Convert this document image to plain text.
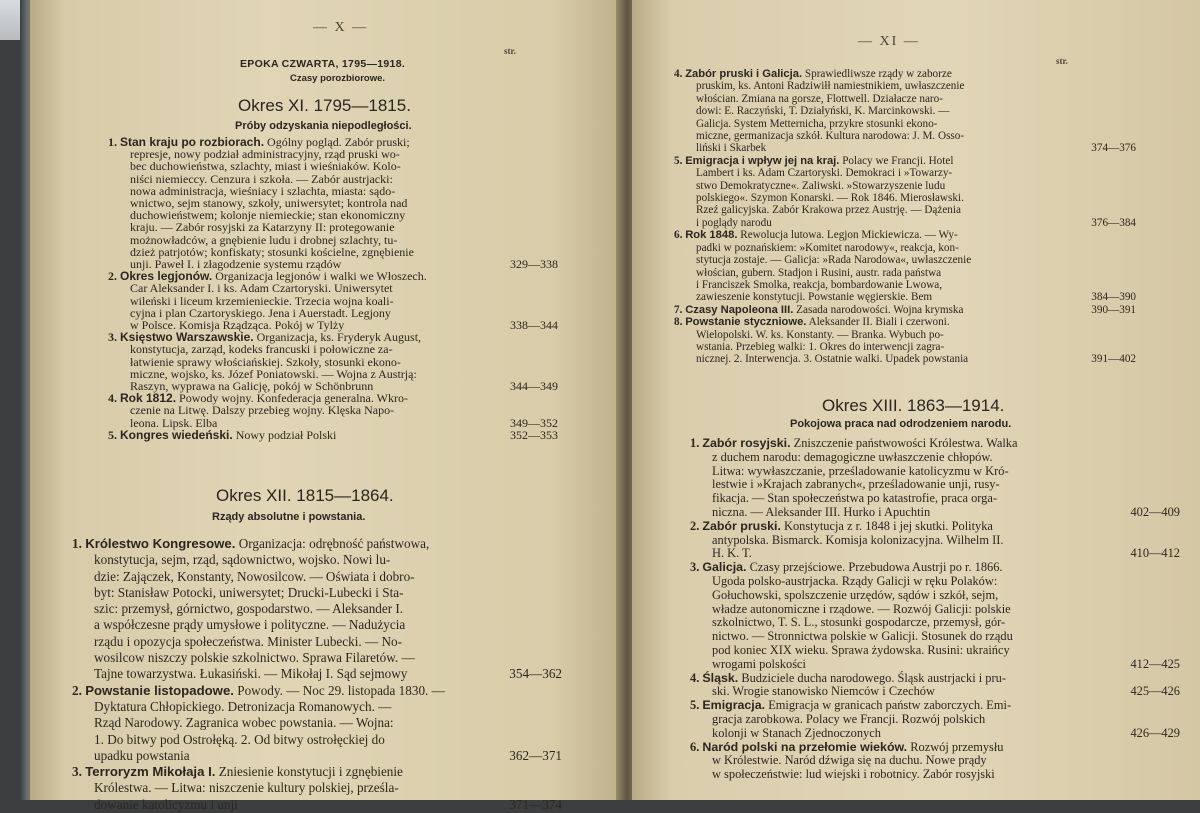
— X —
str.
EPOKA CZWARTA, 1795—1918.
Czasy porozbiorowe.
Okres XI. 1795—1815.
Próby odzyskania niepodległości.
1. Stan kraju po rozbiorach. Ogólny pogląd. Zabór pruski;
represje, nowy podział administracyjny, rząd pruski wo-
bec duchowieństwa, szlachty, miast i wieśniaków. Kolo-
niści niemieccy. Cenzura i szkoła. — Zabór austrjacki:
nowa administracja, wieśniacy i szlachta, miasta: sądo-
wnictwo, sejm stanowy, szkoły, uniwersytet; kontrola nad
duchowieństwem; kolonje niemieckie; stan ekonomiczny
kraju. — Zabór rosyjski za Katarzyny II: protegowanie
możnowładców, a gnębienie ludu i drobnej szlachty, tu-
dzież patrjotów; konfiskaty; stosunki kościelne, zgnębienie
unji. Paweł I. i złagodzenie systemu rządów	329—338
2. Okres legjonów. Organizacja legjonów i walki we Włoszech.
Car Aleksander I. i ks. Adam Czartoryski. Uniwersytet
wileński i liceum krzemienieckie. Trzecia wojna koali-
cyjna i plan Czartoryskiego. Jena i Auerstadt. Legjony
w Polsce. Komisja Rządząca. Pokój w Tylży	338—344
3. Księstwo Warszawskie. Organizacja, ks. Fryderyk August,
konstytucja, zarząd, kodeks francuski i połowiczne za-
łatwienie sprawy włościańskiej. Szkoły, stosunki ekono-
miczne, wojsko, ks. Józef Poniatowski. — Wojna z Austrją:
Raszyn, wyprawa na Galicję, pokój w Schönbrunn	344—349
4. Rok 1812. Powody wojny. Konfederacja generalna. Wkro-
czenie na Litwę. Dalszy przebieg wojny. Klęska Napo-
leona. Lipsk. Elba	349—352
5. Kongres wiedeński. Nowy podział Polski	352—353
Okres XII. 1815—1864.
Rządy absolutne i powstania.
1. Królestwo Kongresowe. Organizacja: odrębność państwowa,
konstytucja, sejm, rząd, sądownictwo, wojsko. Nowi lu-
dzie: Zajączek, Konstanty, Nowosilcow. — Oświata i dobro-
byt: Stanisław Potocki, uniwersytet; Drucki-Lubecki i Sta-
szic: przemysł, górnictwo, gospodarstwo. — Aleksander I.
a współczesne prądy umysłowe i polityczne. — Nadużycia
rządu i opozycja społeczeństwa. Minister Lubecki. — No-
wosilcow niszczy polskie szkolnictwo. Sprawa Filaretów. —
Tajne towarzystwa. Łukasiński. — Mikołaj I. Sąd sejmowy	354—362
2. Powstanie listopadowe. Powody. — Noc 29. listopada 1830. —
Dyktatura Chłopickiego. Detronizacja Romanowych. —
Rząd Narodowy. Zagranica wobec powstania. — Wojna:
1. Do bitwy pod Ostrołęką. 2. Od bitwy ostrołęckiej do
upadku powstania	362—371
3. Terroryzm Mikołaja I. Zniesienie konstytucji i zgnębienie
Królestwa. — Litwa: niszczenie kultury polskiej, prześla-
dowanie katolicyzmu i unji	371—374
— XI —
str.
4. Zabór pruski i Galicja. Sprawiedliwsze rządy w zaborze
pruskim, ks. Antoni Radziwiłł namiestnikiem, uwłaszczenie
włościan. Zmiana na gorsze, Flottwell. Działacze naro-
dowi: E. Raczyński, T. Działyński, K. Marcinkowski. —
Galicja. System Metternicha, przykre stosunki ekono-
miczne, germanizacja szkół. Kultura narodowa: J. M. Osso-
liński i Skarbek	374—376
5. Emigracja i wpływ jej na kraj. Polacy we Francji. Hotel
Lambert i ks. Adam Czartoryski. Demokraci i »Towarzy-
stwo Demokratyczne«. Zaliwski. »Stowarzyszenie ludu
polskiego«. Szymon Konarski. — Rok 1846. Mierosławski.
Rzeź galicyjska. Zabór Krakowa przez Austrję. — Dążenia
i poglądy narodu	376—384
6. Rok 1848. Rewolucja lutowa. Legjon Mickiewicza. — Wy-
padki w poznańskiem: »Komitet narodowy«, reakcja, kon-
stytucja zostaje. — Galicja: »Rada Narodowa«, uwłaszczenie
włościan, gubern. Stadjon i Rusini, austr. rada państwa
i Franciszek Smolka, reakcja, bombardowanie Lwowa,
zawieszenie konstytucji. Powstanie węgierskie. Bem	384—390
7. Czasy Napoleona III. Zasada narodowości. Wojna krymska	390—391
8. Powstanie styczniowe. Aleksander II. Biali i czerwoni.
Wielopolski. W. ks. Konstanty. — Branka. Wybuch po-
wstania. Przebieg walki: 1. Okres do interwencji zagra-
nicznej. 2. Interwencja. 3. Ostatnie walki. Upadek powstania	391—402
Okres XIII. 1863—1914.
Pokojowa praca nad odrodzeniem narodu.
1. Zabór rosyjski. Zniszczenie państwowości Królestwa. Walka
z duchem narodu: demagogiczne uwłaszczenie chłopów.
Litwa: wywłaszczanie, prześladowanie katolicyzmu w Kró-
lestwie i »Krajach zabranych«, prześladowanie unji, rusy-
fikacja. — Stan społeczeństwa po katastrofie, praca orga-
niczna. — Aleksander III. Hurko i Apuchtin	402—409
2. Zabór pruski. Konstytucja z r. 1848 i jej skutki. Polityka
antypolska. Bismarck. Komisja kolonizacyjna. Wilhelm II.
H. K. T.	410—412
3. Galicja. Czasy przejściowe. Przebudowa Austrji po r. 1866.
Ugoda polsko-austrjacka. Rządy Galicji w ręku Polaków:
Gołuchowski, spolszczenie urzędów, sądów i szkół, sejm,
władze autonomiczne i rządowe. — Rozwój Galicji: polskie
szkolnictwo, T. S. L., stosunki gospodarcze, przemysł, gór-
nictwo. — Stronnictwa polskie w Galicji. Stosunek do rządu
pod koniec XIX wieku. Sprawa żydowska. Rusini: ukraińcy
wrogami polskości	412—425
4. Śląsk. Budziciele ducha narodowego. Śląsk austrjacki i pru-
ski. Wrogie stanowisko Niemców i Czechów	425—426
5. Emigracja. Emigracja w granicach państw zaborczych. Emi-
gracja zarobkowa. Polacy we Francji. Rozwój polskich
kolonji w Stanach Zjednoczonych	426—429
6. Naród polski na przełomie wieków. Rozwój przemysłu
w Królestwie. Naród dźwiga się na duchu. Nowe prądy
w społeczeństwie: lud wiejski i robotnicy. Zabór rosyjski
